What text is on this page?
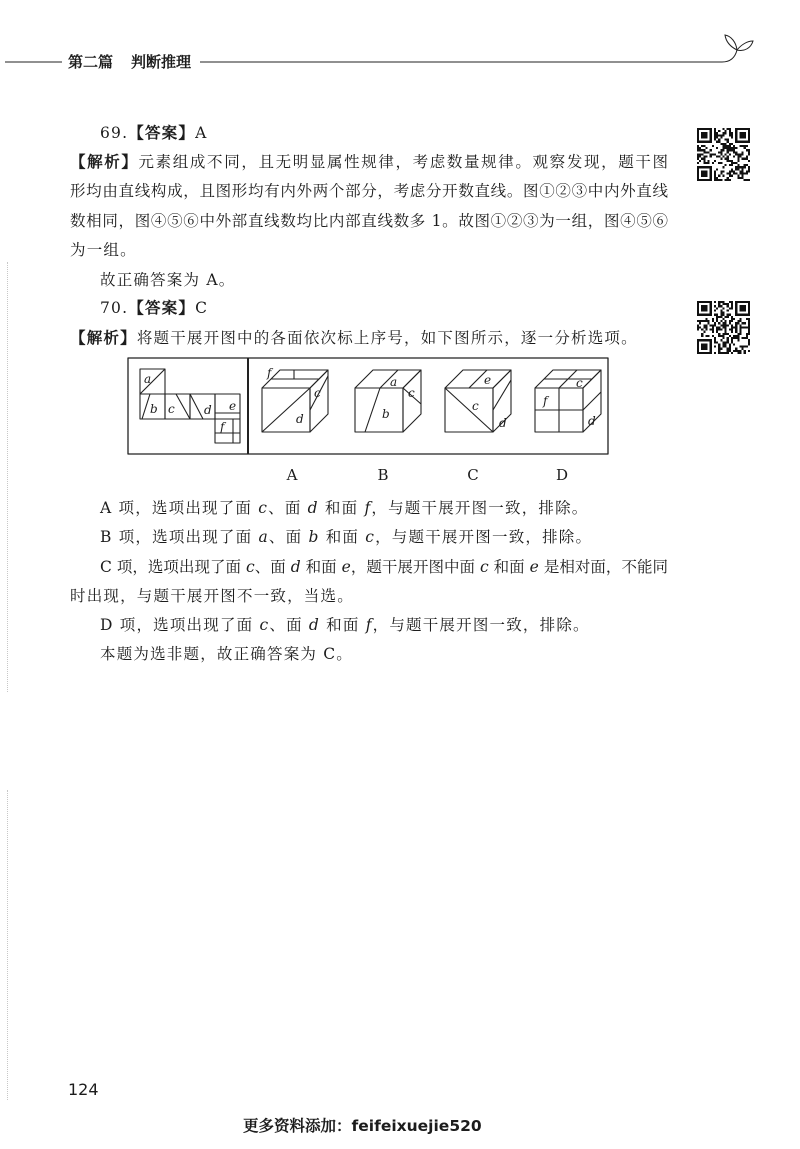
第二篇 判断推理
69.【答案】A
【解析】元素组成不同，且无明显属性规律，考虑数量规律。观察发现，题干图
形均由直线构成，且图形均有内外两个部分，考虑分开数直线。图①②③中内外直线
数相同，图④⑤⑥中外部直线数均比内部直线数多 1。故图①②③为一组，图④⑤⑥
为一组。
故正确答案为 A。
70.【答案】C
【解析】将题干展开图中的各面依次标上序号，如下图所示，逐一分析选项。
a
b c d e
f
f
c
d
a
c
b
e
d
c
c
d
f
A	B	C	D
A 项，选项出现了面 c、面 d 和面 f，与题干展开图一致，排除。
B 项，选项出现了面 a、面 b 和面 c，与题干展开图一致，排除。
C 项，选项出现了面 c、面 d 和面 e，题干展开图中面 c 和面 e 是相对面，不能同
时出现，与题干展开图不一致，当选。
D 项，选项出现了面 c、面 d 和面 f，与题干展开图一致，排除。
本题为选非题，故正确答案为 C。
124
更多资料添加：feifeixuejie520
